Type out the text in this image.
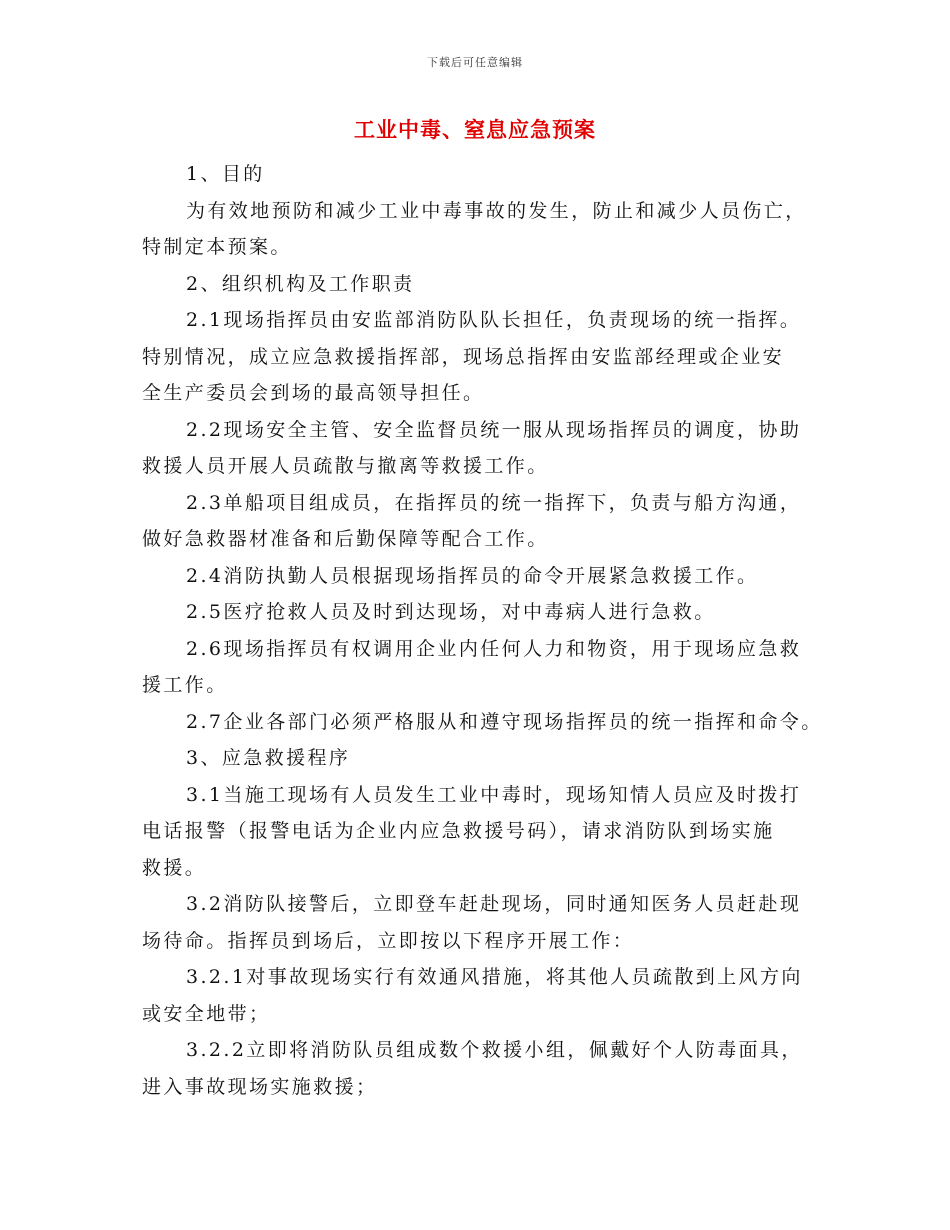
下载后可任意编辑
工业中毒、窒息应急预案

1、目的

为有效地预防和减少工业中毒事故的发生，防止和减少人员伤亡，

特制定本预案。

2、组织机构及工作职责

2.1现场指挥员由安监部消防队队长担任，负责现场的统一指挥。

特别情况，成立应急救援指挥部，现场总指挥由安监部经理或企业安
全生产委员会到场的最高领导担任。

2.2现场安全主管、安全监督员统一服从现场指挥员的调度，协助

救援人员开展人员疏散与撤离等救援工作。

2.3单船项目组成员，在指挥员的统一指挥下，负责与船方沟通，

做好急救器材准备和后勤保障等配合工作。

2.4消防执勤人员根据现场指挥员的命令开展紧急救援工作。

2.5医疗抢救人员及时到达现场，对中毒病人进行急救。

2.6现场指挥员有权调用企业内任何人力和物资，用于现场应急救

援工作。

2.7企业各部门必须严格服从和遵守现场指挥员的统一指挥和命令。

3、应急救援程序

3.1当施工现场有人员发生工业中毒时，现场知情人员应及时拨打

电话报警（报警电话为企业内应急救援号码），请求消防队到场实施
救援。

3.2消防队接警后，立即登车赶赴现场，同时通知医务人员赶赴现

场待命。指挥员到场后，立即按以下程序开展工作：

3.2.1对事故现场实行有效通风措施，将其他人员疏散到上风方向

或安全地带；

3.2.2立即将消防队员组成数个救援小组，佩戴好个人防毒面具，

进入事故现场实施救援；
